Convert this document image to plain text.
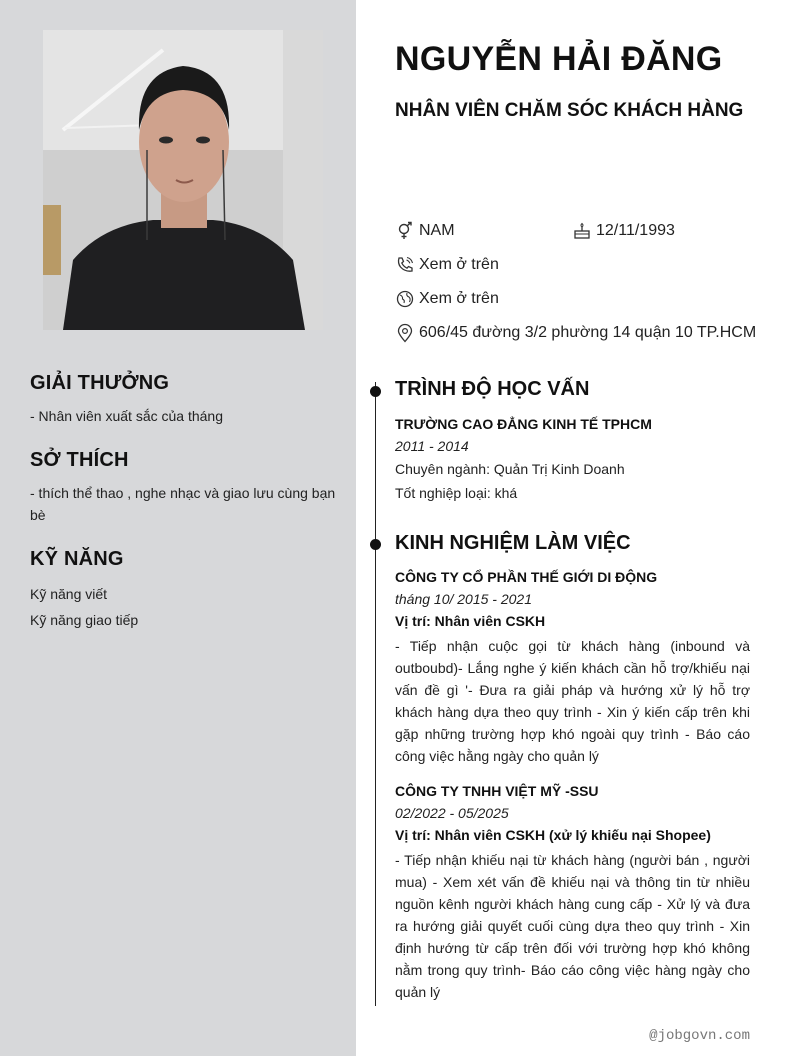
GIẢI THƯỞNG

- Nhân viên xuất sắc của tháng

SỞ THÍCH

- thích thể thao , nghe nhạc và giao lưu cùng bạn bè

KỸ NĂNG
Kỹ năng viết
Kỹ năng giao tiếp
NGUYỄN HẢI ĐĂNG
NHÂN VIÊN CHĂM SÓC KHÁCH HÀNG
NAM	12/11/1993
Xem ở trên
Xem ở trên
606/45 đường 3/2 phường 14 quận 10 TP.HCM
TRÌNH ĐỘ HỌC VẤN

TRƯỜNG CAO ĐẲNG KINH TẾ TPHCM

2011 - 2014

Chuyên ngành: Quản Trị Kinh Doanh

Tốt nghiệp loại: khá

KINH NGHIỆM LÀM VIỆC

CÔNG TY CỔ PHẦN THẾ GIỚI DI ĐỘNG

tháng 10/ 2015 - 2021

Vị trí: Nhân viên CSKH

- Tiếp nhận cuộc gọi từ khách hàng (inbound và outboubd)- Lắng nghe ý kiến khách cần hỗ trợ/khiếu nại vấn đề gì '- Đưa ra giải pháp và hướng xử lý hỗ trợ khách hàng dựa theo quy trình - Xin ý kiến cấp trên khi gặp những trường hợp khó ngoài quy trình - Báo cáo công việc hằng ngày cho quản lý

CÔNG TY TNHH VIỆT MỸ -SSU

02/2022 - 05/2025

Vị trí: Nhân viên CSKH (xử lý khiếu nại Shopee)

- Tiếp nhận khiếu nại từ khách hàng (người bán , người mua) - Xem xét vấn đề khiếu nại và thông tin từ nhiều nguồn kênh người khách hàng cung cấp - Xử lý và đưa ra hướng giải quyết cuối cùng dựa theo quy trình - Xin định hướng từ cấp trên đối với trường hợp khó không nằm trong quy trình- Báo cáo công việc hàng ngày cho quản lý

@jobgovn.com
